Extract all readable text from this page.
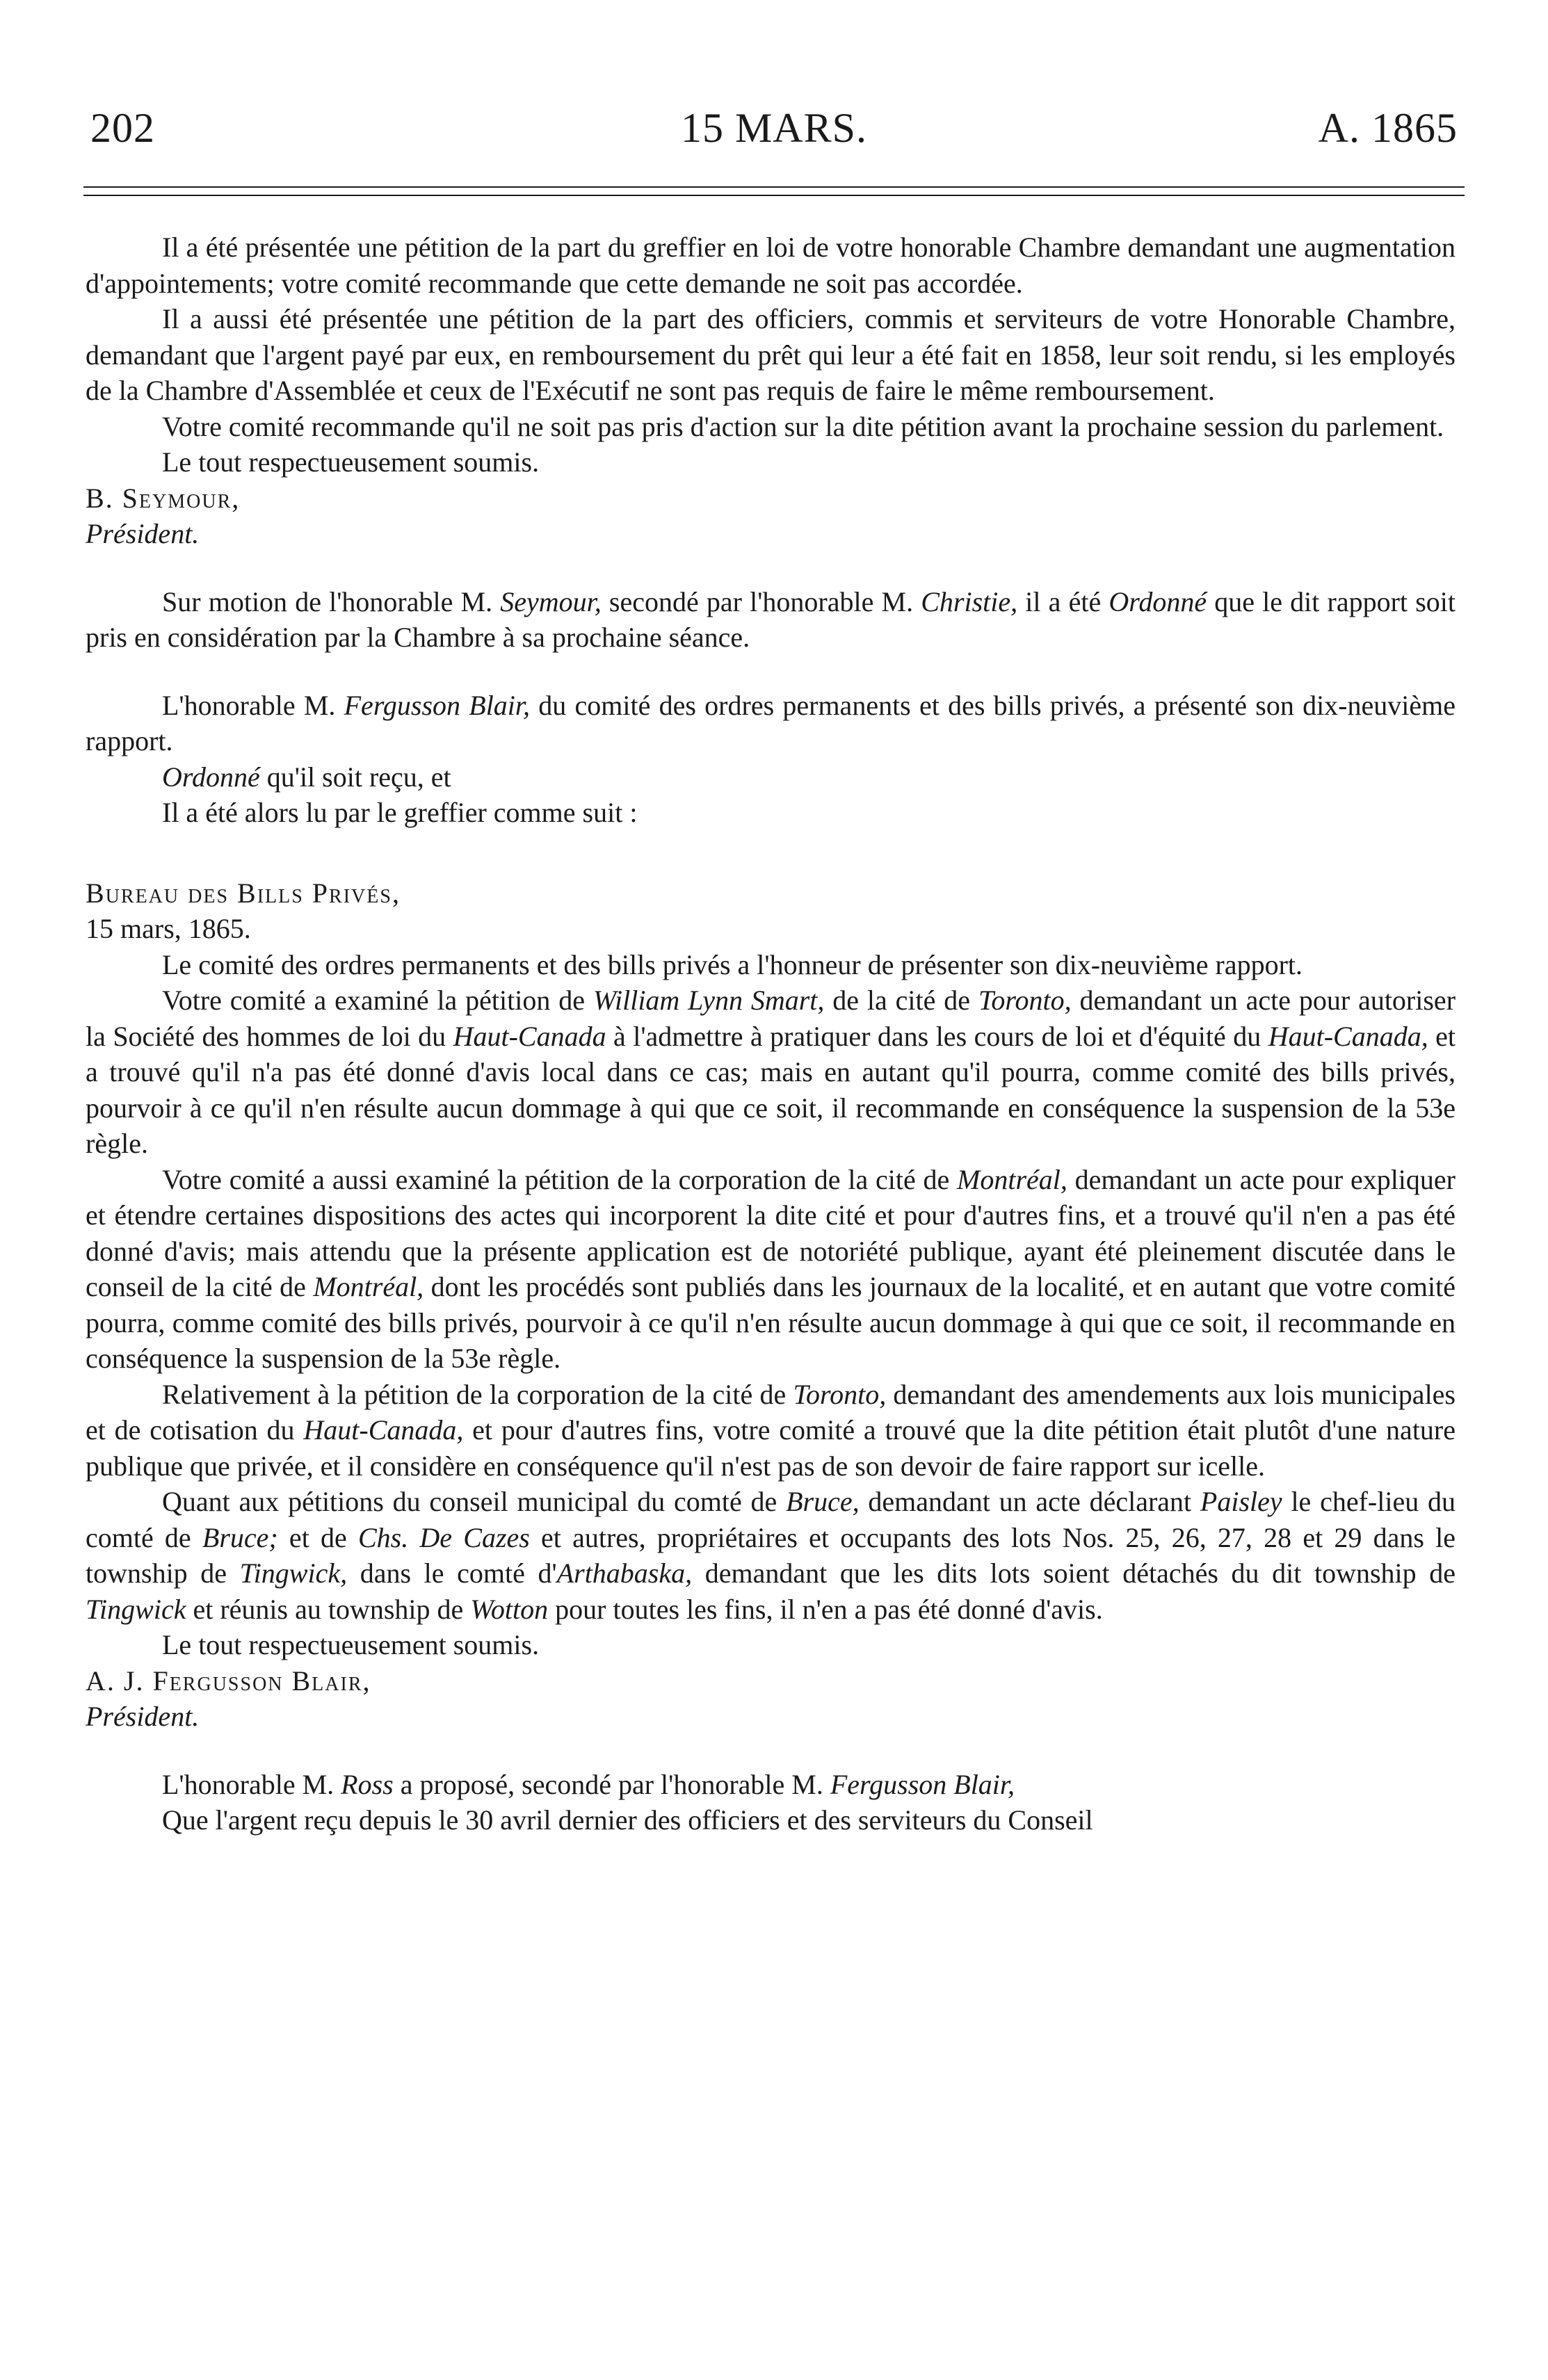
202	15 MARS.	A. 1865

Il a été présentée une pétition de la part du greffier en loi de votre honorable Chambre demandant une augmentation d'appointements; votre comité recommande que cette demande ne soit pas accordée.

Il a aussi été présentée une pétition de la part des officiers, commis et serviteurs de votre Honorable Chambre, demandant que l'argent payé par eux, en remboursement du prêt qui leur a été fait en 1858, leur soit rendu, si les employés de la Chambre d'Assemblée et ceux de l'Exécutif ne sont pas requis de faire le même remboursement.

Votre comité recommande qu'il ne soit pas pris d'action sur la dite pétition avant la prochaine session du parlement.

Le tout respectueusement soumis.

B. Seymour,

Président.

Sur motion de l'honorable M. Seymour, secondé par l'honorable M. Christie, il a été Ordonné que le dit rapport soit pris en considération par la Chambre à sa prochaine séance.

L'honorable M. Fergusson Blair, du comité des ordres permanents et des bills privés, a présenté son dix-neuvième rapport.

Ordonné qu'il soit reçu, et

Il a été alors lu par le greffier comme suit :

Bureau des Bills Privés,

15 mars, 1865.

Le comité des ordres permanents et des bills privés a l'honneur de présenter son dix-neuvième rapport.

Votre comité a examiné la pétition de William Lynn Smart, de la cité de Toronto, demandant un acte pour autoriser la Société des hommes de loi du Haut-Canada à l'admettre à pratiquer dans les cours de loi et d'équité du Haut-Canada, et a trouvé qu'il n'a pas été donné d'avis local dans ce cas; mais en autant qu'il pourra, comme comité des bills privés, pourvoir à ce qu'il n'en résulte aucun dommage à qui que ce soit, il recommande en conséquence la suspension de la 53e règle.

Votre comité a aussi examiné la pétition de la corporation de la cité de Montréal, demandant un acte pour expliquer et étendre certaines dispositions des actes qui incorporent la dite cité et pour d'autres fins, et a trouvé qu'il n'en a pas été donné d'avis; mais attendu que la présente application est de notoriété publique, ayant été pleinement discutée dans le conseil de la cité de Montréal, dont les procédés sont publiés dans les journaux de la localité, et en autant que votre comité pourra, comme comité des bills privés, pourvoir à ce qu'il n'en résulte aucun dommage à qui que ce soit, il recommande en conséquence la suspension de la 53e règle.

Relativement à la pétition de la corporation de la cité de Toronto, demandant des amendements aux lois municipales et de cotisation du Haut-Canada, et pour d'autres fins, votre comité a trouvé que la dite pétition était plutôt d'une nature publique que privée, et il considère en conséquence qu'il n'est pas de son devoir de faire rapport sur icelle.

Quant aux pétitions du conseil municipal du comté de Bruce, demandant un acte déclarant Paisley le chef-lieu du comté de Bruce; et de Chs. De Cazes et autres, propriétaires et occupants des lots Nos. 25, 26, 27, 28 et 29 dans le township de Tingwick, dans le comté d'Arthabaska, demandant que les dits lots soient détachés du dit township de Tingwick et réunis au township de Wotton pour toutes les fins, il n'en a pas été donné d'avis.

Le tout respectueusement soumis.

A. J. Fergusson Blair,

Président.

L'honorable M. Ross a proposé, secondé par l'honorable M. Fergusson Blair,

Que l'argent reçu depuis le 30 avril dernier des officiers et des serviteurs du Conseil
